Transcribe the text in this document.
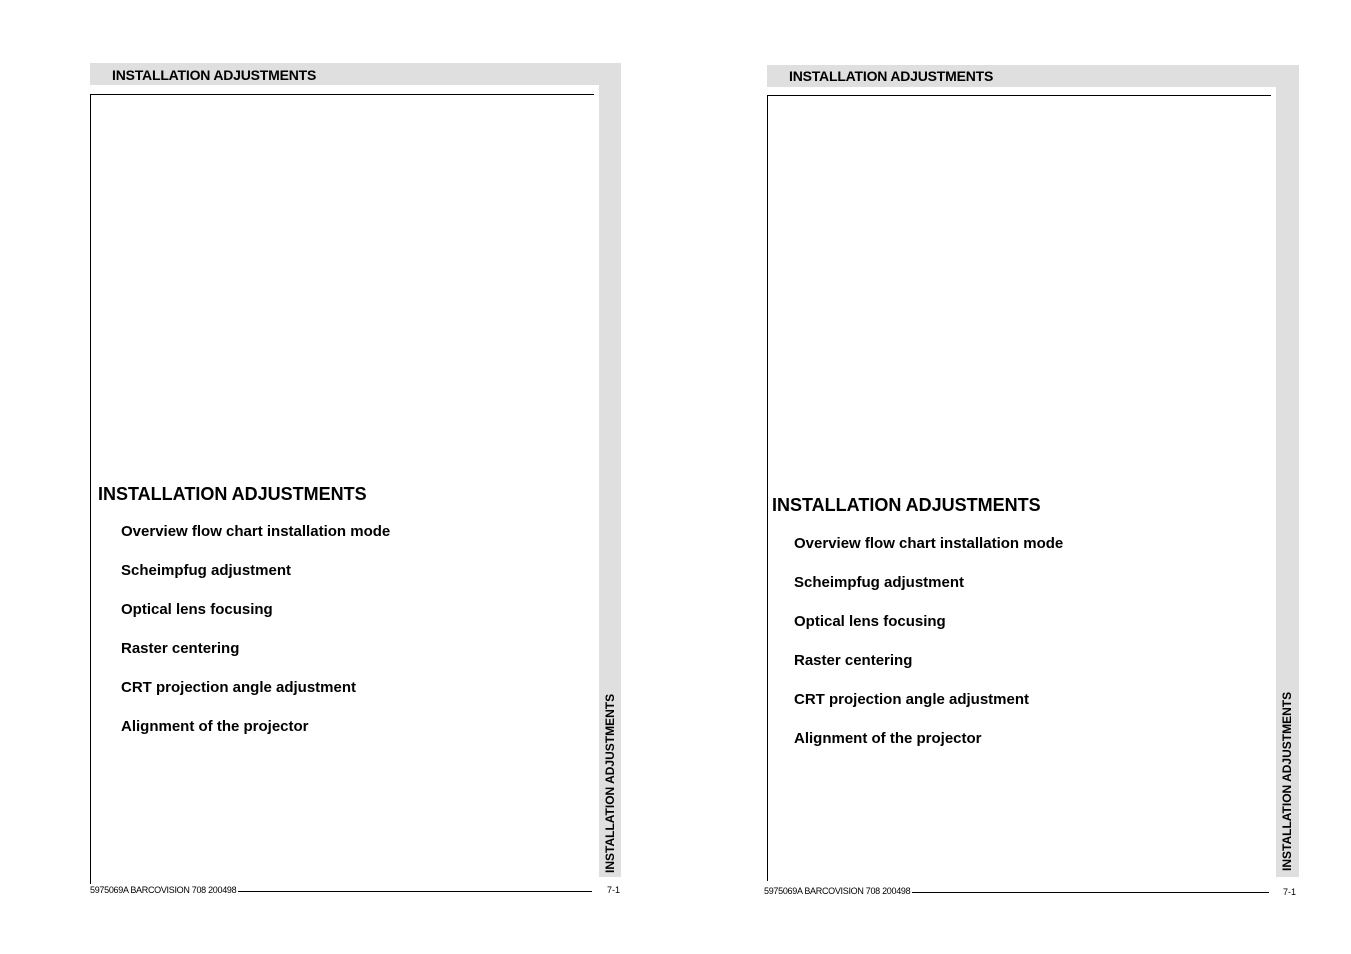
INSTALLATION ADJUSTMENTS
INSTALLATION ADJUSTMENTS
INSTALLATION ADJUSTMENTS
Overview flow chart installation mode
Scheimpfug adjustment
Optical lens focusing
Raster centering
CRT projection angle adjustment
Alignment of the projector
5975069A BARCOVISION 708 200498	7-1
INSTALLATION ADJUSTMENTS
INSTALLATION ADJUSTMENTS
INSTALLATION ADJUSTMENTS
Overview flow chart installation mode
Scheimpfug adjustment
Optical lens focusing
Raster centering
CRT projection angle adjustment
Alignment of the projector
5975069A BARCOVISION 708 200498	7-1
